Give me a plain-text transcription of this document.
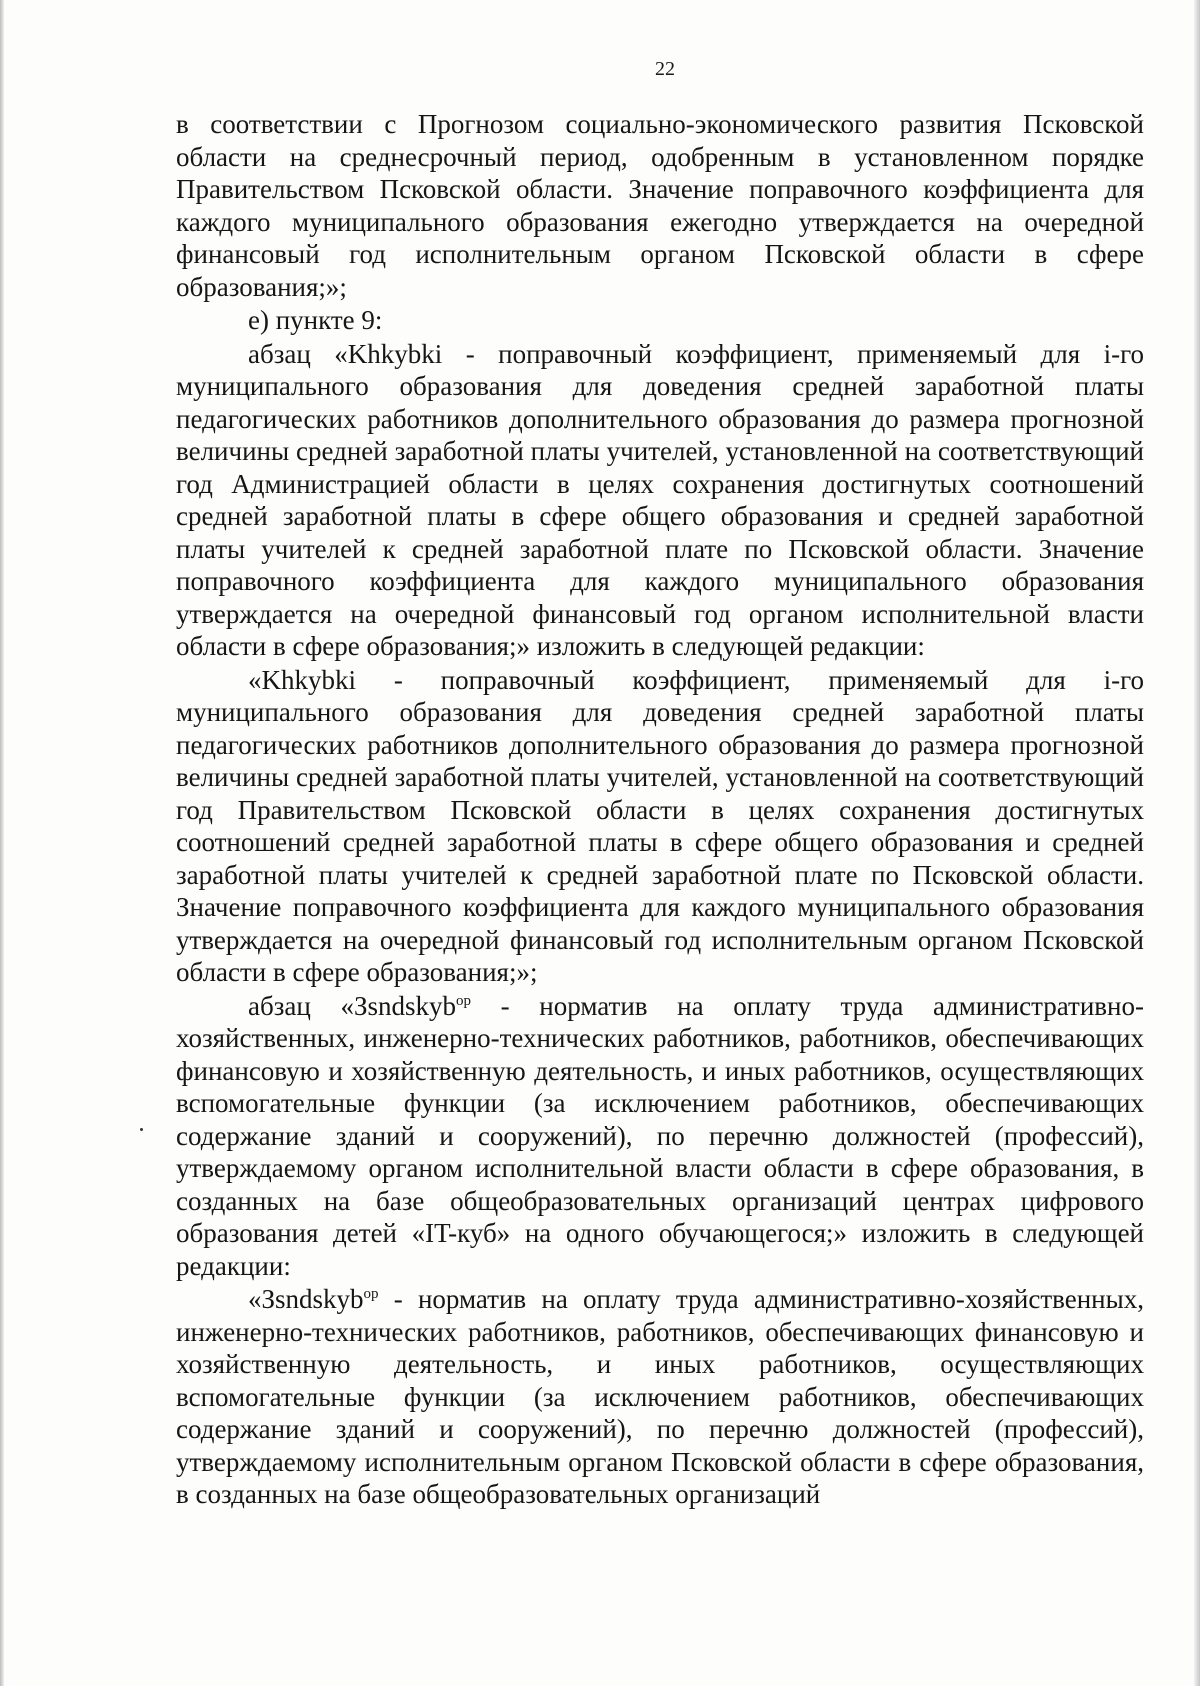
22

в соответствии с Прогнозом социально-экономического развития Псковской области на среднесрочный период, одобренным в установленном порядке Правительством Псковской области. Значение поправочного коэффициента для каждого муниципального образования ежегодно утверждается на очередной финансовый год исполнительным органом Псковской области в сфере образования;»;

е) пункте 9:

абзац «Khkybki - поправочный коэффициент, применяемый для i-го муниципального образования для доведения средней заработной платы педагогических работников дополнительного образования до размера прогнозной величины средней заработной платы учителей, установленной на соответствующий год Администрацией области в целях сохранения достигнутых соотношений средней заработной платы в сфере общего образования и средней заработной платы учителей к средней заработной плате по Псковской области. Значение поправочного коэффициента для каждого муниципального образования утверждается на очередной финансовый год органом исполнительной власти области в сфере образования;» изложить в следующей редакции:

«Khkybki - поправочный коэффициент, применяемый для i-го муниципального образования для доведения средней заработной платы педагогических работников дополнительного образования до размера прогнозной величины средней заработной платы учителей, установленной на соответствующий год Правительством Псковской области в целях сохранения достигнутых соотношений средней заработной платы в сфере общего образования и средней заработной платы учителей к средней заработной плате по Псковской области. Значение поправочного коэффициента для каждого муниципального образования утверждается на очередной финансовый год исполнительным органом Псковской области в сфере образования;»;

абзац «Зsndskyb$^{ор}$ - норматив на оплату труда административно-хозяйственных, инженерно-технических работников, работников, обеспечивающих финансовую и хозяйственную деятельность, и иных работников, осуществляющих вспомогательные функции (за исключением работников, обеспечивающих содержание зданий и сооружений), по перечню должностей (профессий), утверждаемому органом исполнительной власти области в сфере образования, в созданных на базе общеобразовательных организаций центрах цифрового образования детей «IT-куб» на одного обучающегося;» изложить в следующей редакции:

«Зsndskyb$^{ор}$ - норматив на оплату труда административно-хозяйственных, инженерно-технических работников, работников, обеспечивающих финансовую и хозяйственную деятельность, и иных работников, осуществляющих вспомогательные функции (за исключением работников, обеспечивающих содержание зданий и сооружений), по перечню должностей (профессий), утверждаемому исполнительным органом Псковской области в сфере образования, в созданных на базе общеобразовательных организаций
